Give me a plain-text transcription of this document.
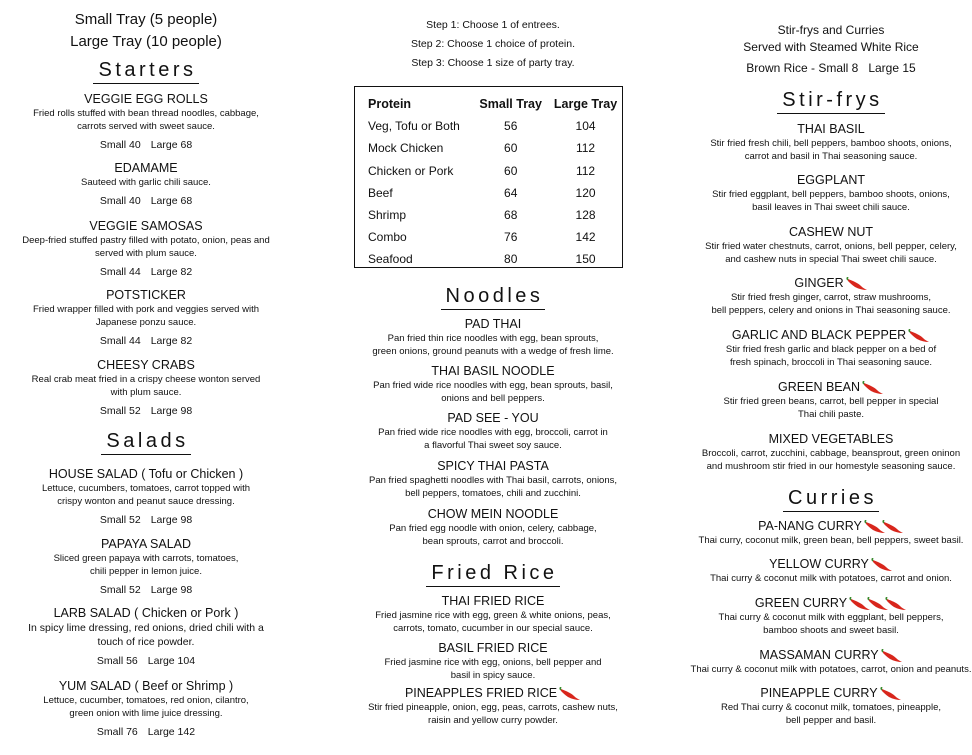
Small Tray (5 people)
Large Tray (10 people)
Starters
VEGGIE EGG ROLLS
Fried rolls stuffed with bean thread noodles, cabbage,
carrots served with sweet sauce.
Small 40 Large 68
EDAMAME
Sauteed with garlic chili sauce.
Small 40 Large 68
VEGGIE SAMOSAS
Deep-fried stuffed pastry filled with potato, onion, peas and
served with plum sauce.
Small 44 Large 82
POTSTICKER
Fried wrapper filled with pork and veggies served with
Japanese ponzu sauce.
Small 44 Large 82
CHEESY CRABS
Real crab meat fried in a crispy cheese wonton served
with plum sauce.
Small 52 Large 98
Salads
HOUSE SALAD ( Tofu or Chicken )
Lettuce, cucumbers, tomatoes, carrot topped with
crispy wonton and peanut sauce dressing.
Small 52 Large 98
PAPAYA SALAD
Sliced green papaya with carrots, tomatoes,
chili pepper in lemon juice.
Small 52 Large 98
LARB SALAD ( Chicken or Pork )
In spicy lime dressing, red onions, dried chili with a
touch of rice powder.
Small 56 Large 104
YUM SALAD ( Beef or Shrimp )
Lettuce, cucumber, tomatoes, red onion, cilantro,
green onion with lime juice dressing.
Small 76 Large 142
Step 1: Choose 1 of entrees.
Step 2: Choose 1 choice of protein.
Step 3: Choose 1 size of party tray.
Protein	Small Tray	Large Tray
Veg, Tofu or Both	56	104
Mock Chicken	60	112
Chicken or Pork	60	112
Beef	64	120
Shrimp	68	128
Combo	76	142
Seafood	80	150
Noodles
PAD THAI
Pan fried thin rice noodles with egg, bean sprouts,
green onions, ground peanuts with a wedge of fresh lime.
THAI BASIL NOODLE
Pan fried wide rice noodles with egg, bean sprouts, basil,
onions and bell peppers.
PAD SEE - YOU
Pan fried wide rice noodles with egg, broccoli, carrot in
a flavorful Thai sweet soy sauce.
SPICY THAI PASTA
Pan fried spaghetti noodles with Thai basil, carrots, onions,
bell peppers, tomatoes, chili and zucchini.
CHOW MEIN NOODLE
Pan fried egg noodle with onion, celery, cabbage,
bean sprouts, carrot and broccoli.
Fried Rice
THAI FRIED RICE
Fried jasmine rice with egg, green & white onions, peas,
carrots, tomato, cucumber in our special sauce.
BASIL FRIED RICE
Fried jasmine rice with egg, onions, bell pepper and
basil in spicy sauce.
PINEAPPLES FRIED RICE
Stir fried pineapple, onion, egg, peas, carrots, cashew nuts,
raisin and yellow curry powder.
Stir-frys and Curries
Served with Steamed White Rice
Brown Rice - Small 8   Large 15
Stir-frys
THAI BASIL
Stir fried fresh chili, bell peppers, bamboo shoots, onions,
carrot and basil in Thai seasoning sauce.
EGGPLANT
Stir fried eggplant, bell peppers, bamboo shoots, onions,
basil leaves in Thai sweet chili sauce.
CASHEW NUT
Stir fried water chestnuts, carrot, onions, bell pepper, celery,
and cashew nuts in special Thai sweet chili sauce.
GINGER
Stir fried fresh ginger, carrot, straw mushrooms,
bell peppers, celery and onions in Thai seasoning sauce.
GARLIC AND BLACK PEPPER
Stir fried fresh garlic and black pepper on a bed of
fresh spinach, broccoli in Thai seasoning sauce.
GREEN BEAN
Stir fried green beans, carrot, bell pepper in special
Thai chili paste.
MIXED VEGETABLES
Broccoli, carrot, zucchini, cabbage, beansprout, green oninon
and mushroom stir fried in our homestyle seasoning sauce.
Curries
PA-NANG CURRY
Thai curry, coconut milk, green bean, bell peppers, sweet basil.
YELLOW CURRY
Thai curry & coconut milk with potatoes, carrot and onion.
GREEN CURRY
Thai curry & coconut milk with eggplant, bell peppers,
bamboo shoots and sweet basil.
MASSAMAN CURRY
Thai curry & coconut milk with potatoes, carrot, onion and peanuts.
PINEAPPLE CURRY
Red Thai curry & coconut milk, tomatoes, pineapple,
bell pepper and basil.
